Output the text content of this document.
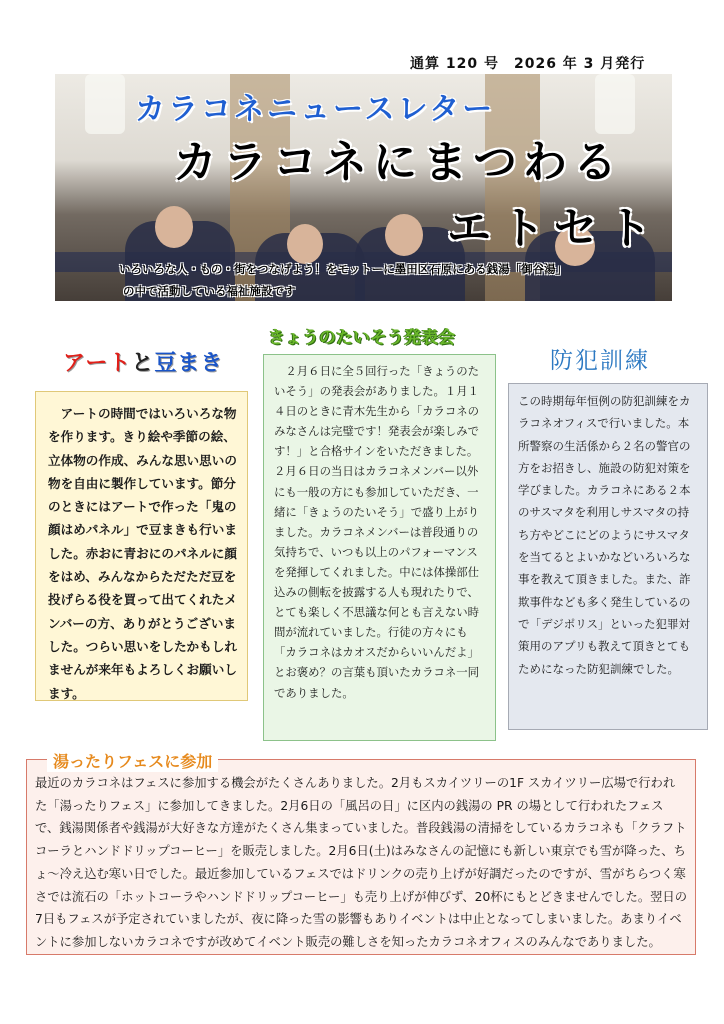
通算 120 号　2026 年 3 月発行
カラコネニュースレター
カラコネにまつわる
エトセト
いろいろな人・もの・街をつなげよう！をモットーに墨田区石原にある銭湯「御谷湯」
の中で活動している福祉施設です
アートと豆まき
アートの時間ではいろいろな物を作ります。きり絵や季節の絵、立体物の作成、みんな思い思いの物を自由に製作しています。節分のときにはアートで作った「鬼の顔はめパネル」で豆まきも行いました。赤おに青おにのパネルに顔をはめ、みんなからただただ豆を投げらる役を買って出てくれたメンバーの方、ありがとうございました。つらい思いをしたかもしれませんが来年もよろしくお願いします。
きょうのたいそう発表会
２月６日に全５回行った「きょうのたいそう」の発表会がありました。１月１４日のときに青木先生から「カラコネのみなさんは完璧です！発表会が楽しみです！」と合格サインをいただきました。２月６日の当日はカラコネメンバー以外にも一般の方にも参加していただき、一緒に「きょうのたいそう」で盛り上がりました。カラコネメンバーは普段通りの気持ちで、いつも以上のパフォーマンスを発揮してくれました。中には体操部仕込みの側転を披露する人も現れたりで、とても楽しく不思議な何とも言えない時間が流れていました。行徒の方々にも「カラコネはカオスだからいいんだよ」とお褒め？の言葉も頂いたカラコネ一同でありました。
防犯訓練
この時期毎年恒例の防犯訓練をカラコネオフィスで行いました。本所警察の生活係から２名の警官の方をお招きし、施設の防犯対策を学びました。カラコネにある２本のサスマタを利用しサスマタの持ち方やどこにどのようにサスマタを当てるとよいかなどいろいろな事を教えて頂きました。また、詐欺事件なども多く発生しているので「デジポリス」といった犯罪対策用のアプリも教えて頂きとてもためになった防犯訓練でした。
湯ったりフェスに参加
最近のカラコネはフェスに参加する機会がたくさんありました。2月もスカイツリーの1F スカイツリー広場で行われた「湯ったりフェス」に参加してきました。2月6日の「風呂の日」に区内の銭湯の PR の場として行われたフェスで、銭湯関係者や銭湯が大好きな方達がたくさん集まっていました。普段銭湯の清掃をしているカラコネも「クラフトコーラとハンドドリップコーヒー」を販売しました。2月6日(土)はみなさんの記憶にも新しい東京でも雪が降った、ちょ～冷え込む寒い日でした。最近参加しているフェスではドリンクの売り上げが好調だったのですが、雪がちらつく寒さでは流石の「ホットコーラやハンドドリップコーヒー」も売り上げが伸びず、20杯にもとどきませんでした。翌日の7日もフェスが予定されていましたが、夜に降った雪の影響もありイベントは中止となってしまいました。あまりイベントに参加しないカラコネですが改めてイベント販売の難しさを知ったカラコネオフィスのみんなでありました。
